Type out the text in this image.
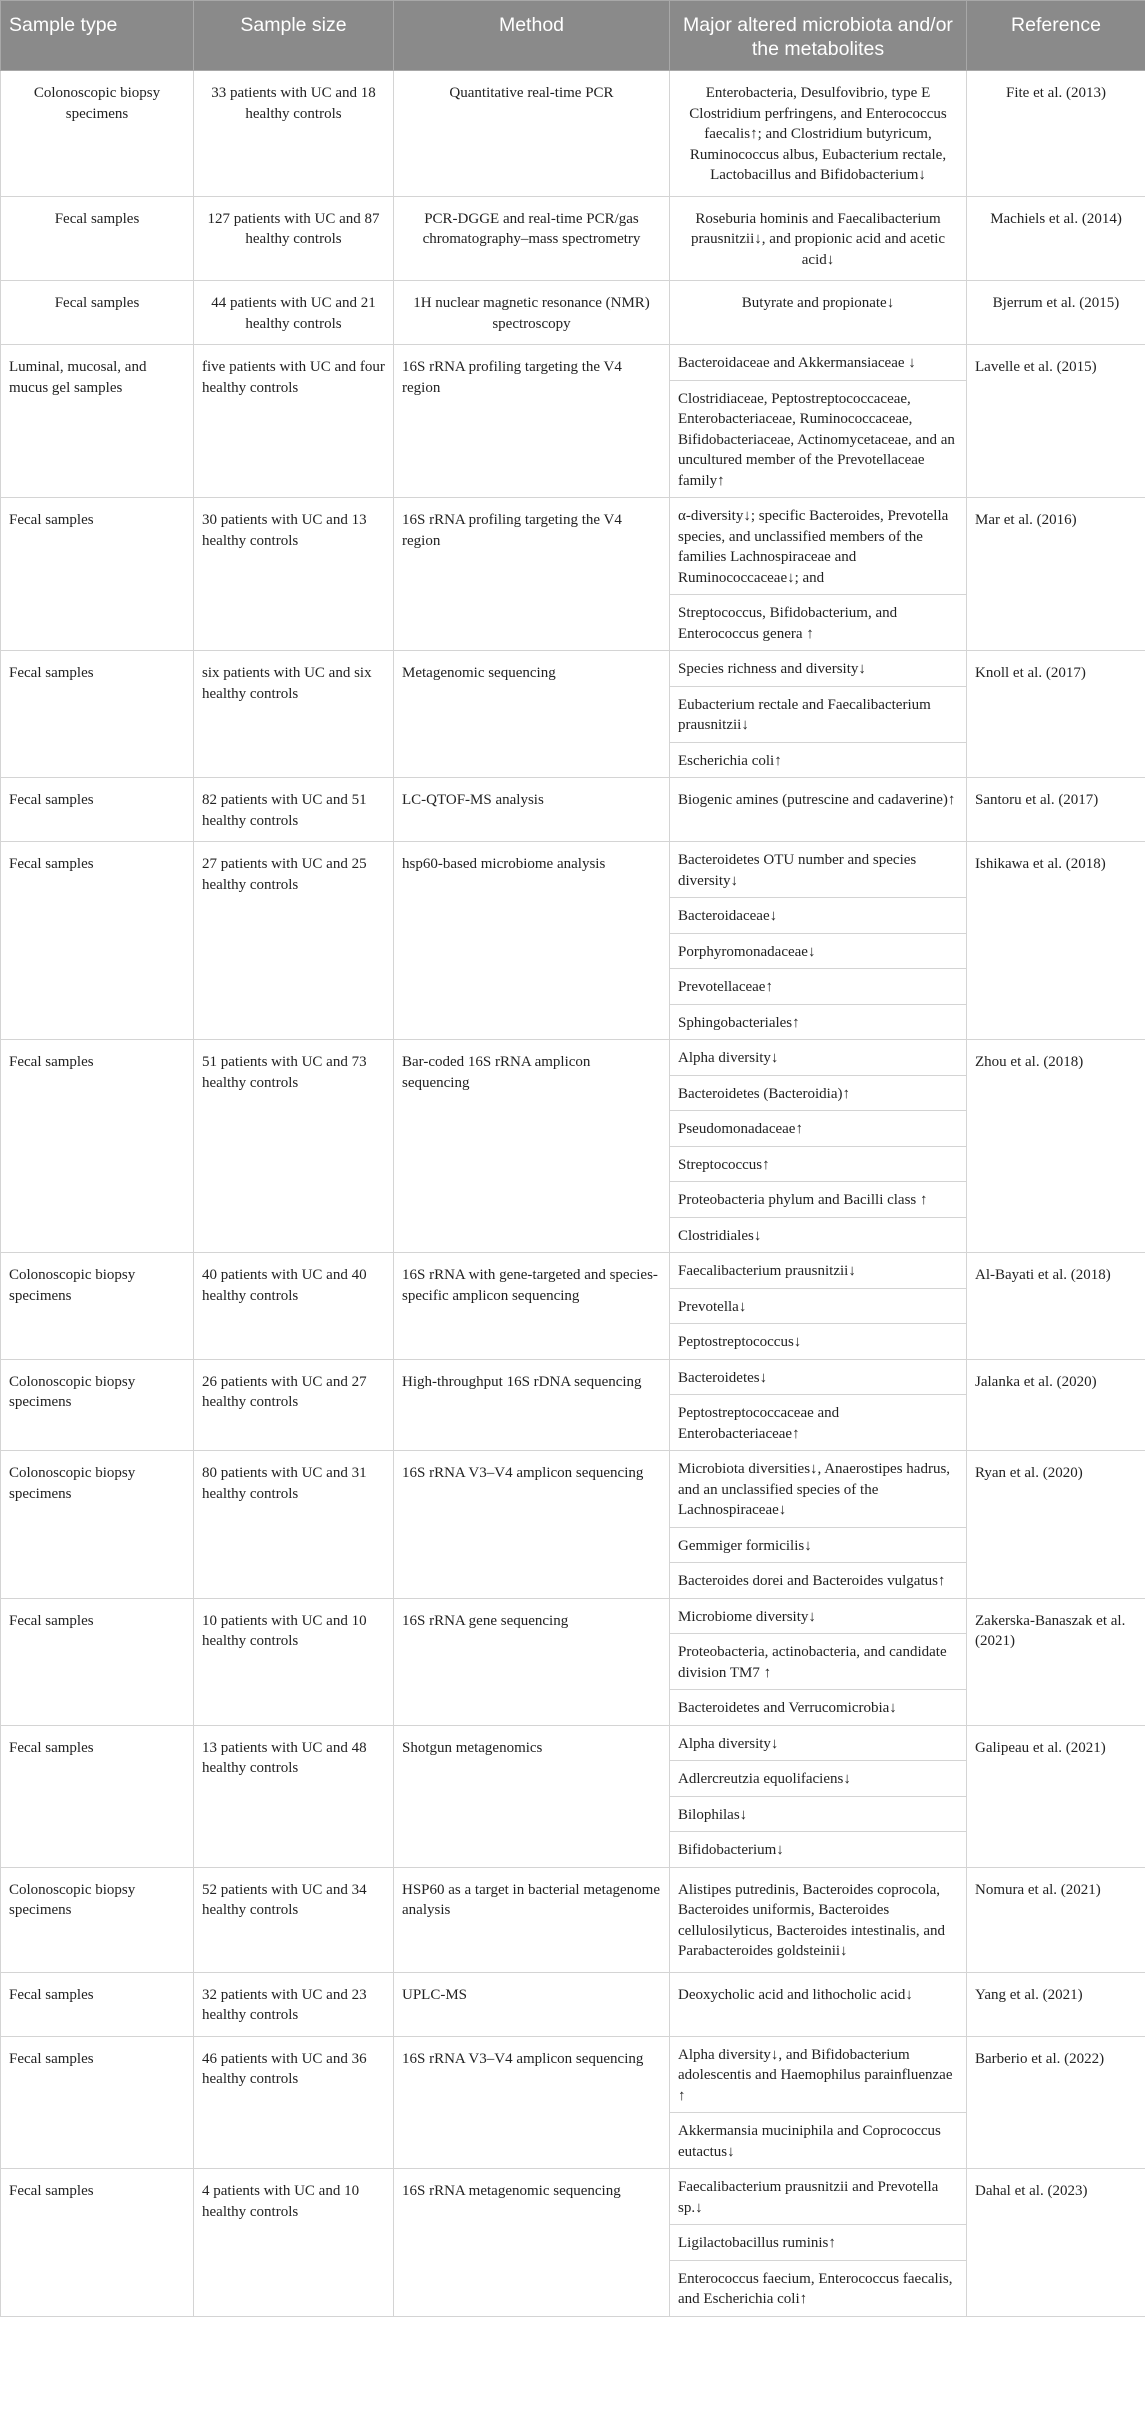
Sample type	Sample size	Method	Major altered microbiota and/or the metabolites	Reference
Colonoscopic biopsy specimens	33 patients with UC and 18 healthy controls	Quantitative real-time PCR	Enterobacteria, Desulfovibrio, type E Clostridium perfringens, and Enterococcus faecalis↑; and Clostridium butyricum, Ruminococcus albus, Eubacterium rectale, Lactobacillus and Bifidobacterium↓	Fite et al. (2013)
Fecal samples	127 patients with UC and 87 healthy controls	PCR-DGGE and real-time PCR/gas chromatography–mass spectrometry	Roseburia hominis and Faecalibacterium prausnitzii↓, and propionic acid and acetic acid↓	Machiels et al. (2014)
Fecal samples	44 patients with UC and 21 healthy controls	1H nuclear magnetic resonance (NMR) spectroscopy	Butyrate and propionate↓	Bjerrum et al. (2015)
Luminal, mucosal, and mucus gel samples	five patients with UC and four healthy controls	16S rRNA profiling targeting the V4 region	Bacteroidaceae and Akkermansiaceae ↓	Lavelle et al. (2015)
			Clostridiaceae, Peptostreptococcaceae, Enterobacteriaceae, Ruminococcaceae, Bifidobacteriaceae, Actinomycetaceae, and an uncultured member of the Prevotellaceae family↑	
Fecal samples	30 patients with UC and 13 healthy controls	16S rRNA profiling targeting the V4 region	α-diversity↓; specific Bacteroides, Prevotella species, and unclassified members of the families Lachnospiraceae and Ruminococcaceae↓; and	Mar et al. (2016)
			Streptococcus, Bifidobacterium, and Enterococcus genera ↑	
Fecal samples	six patients with UC and six healthy controls	Metagenomic sequencing	Species richness and diversity↓	Knoll et al. (2017)
			Eubacterium rectale and Faecalibacterium prausnitzii↓	
			Escherichia coli↑	
Fecal samples	82 patients with UC and 51 healthy controls	LC-QTOF-MS analysis	Biogenic amines (putrescine and cadaverine)↑	Santoru et al. (2017)
Fecal samples	27 patients with UC and 25 healthy controls	hsp60-based microbiome analysis	Bacteroidetes OTU number and species diversity↓	Ishikawa et al. (2018)
			Bacteroidaceae↓	
			Porphyromonadaceae↓	
			Prevotellaceae↑	
			Sphingobacteriales↑	
Fecal samples	51 patients with UC and 73 healthy controls	Bar-coded 16S rRNA amplicon sequencing	Alpha diversity↓	Zhou et al. (2018)
			Bacteroidetes (Bacteroidia)↑	
			Pseudomonadaceae↑	
			Streptococcus↑	
			Proteobacteria phylum and Bacilli class ↑	
			Clostridiales↓	
Colonoscopic biopsy specimens	40 patients with UC and 40 healthy controls	16S rRNA with gene-targeted and species-specific amplicon sequencing	Faecalibacterium prausnitzii↓	Al-Bayati et al. (2018)
			Prevotella↓	
			Peptostreptococcus↓	
Colonoscopic biopsy specimens	26 patients with UC and 27 healthy controls	High-throughput 16S rDNA sequencing	Bacteroidetes↓	Jalanka et al. (2020)
			Peptostreptococcaceae and Enterobacteriaceae↑	
Colonoscopic biopsy specimens	80 patients with UC and 31 healthy controls	16S rRNA V3–V4 amplicon sequencing	Microbiota diversities↓, Anaerostipes hadrus, and an unclassified species of the Lachnospiraceae↓	Ryan et al. (2020)
			Gemmiger formicilis↓	
			Bacteroides dorei and Bacteroides vulgatus↑	
Fecal samples	10 patients with UC and 10 healthy controls	16S rRNA gene sequencing	Microbiome diversity↓	Zakerska-Banaszak et al. (2021)
			Proteobacteria, actinobacteria, and candidate division TM7 ↑	
			Bacteroidetes and Verrucomicrobia↓	
Fecal samples	13 patients with UC and 48 healthy controls	Shotgun metagenomics	Alpha diversity↓	Galipeau et al. (2021)
			Adlercreutzia equolifaciens↓	
			Bilophilas↓	
			Bifidobacterium↓	
Colonoscopic biopsy specimens	52 patients with UC and 34 healthy controls	HSP60 as a target in bacterial metagenome analysis	Alistipes putredinis, Bacteroides coprocola, Bacteroides uniformis, Bacteroides cellulosilyticus, Bacteroides intestinalis, and Parabacteroides goldsteinii↓	Nomura et al. (2021)
Fecal samples	32 patients with UC and 23 healthy controls	UPLC-MS	Deoxycholic acid and lithocholic acid↓	Yang et al. (2021)
Fecal samples	46 patients with UC and 36 healthy controls	16S rRNA V3–V4 amplicon sequencing	Alpha diversity↓, and Bifidobacterium adolescentis and Haemophilus parainfluenzae ↑	Barberio et al. (2022)
			Akkermansia muciniphila and Coprococcus eutactus↓	
Fecal samples	4 patients with UC and 10 healthy controls	16S rRNA metagenomic sequencing	Faecalibacterium prausnitzii and Prevotella sp.↓	Dahal et al. (2023)
			Ligilactobacillus ruminis↑	
			Enterococcus faecium, Enterococcus faecalis, and Escherichia coli↑	
